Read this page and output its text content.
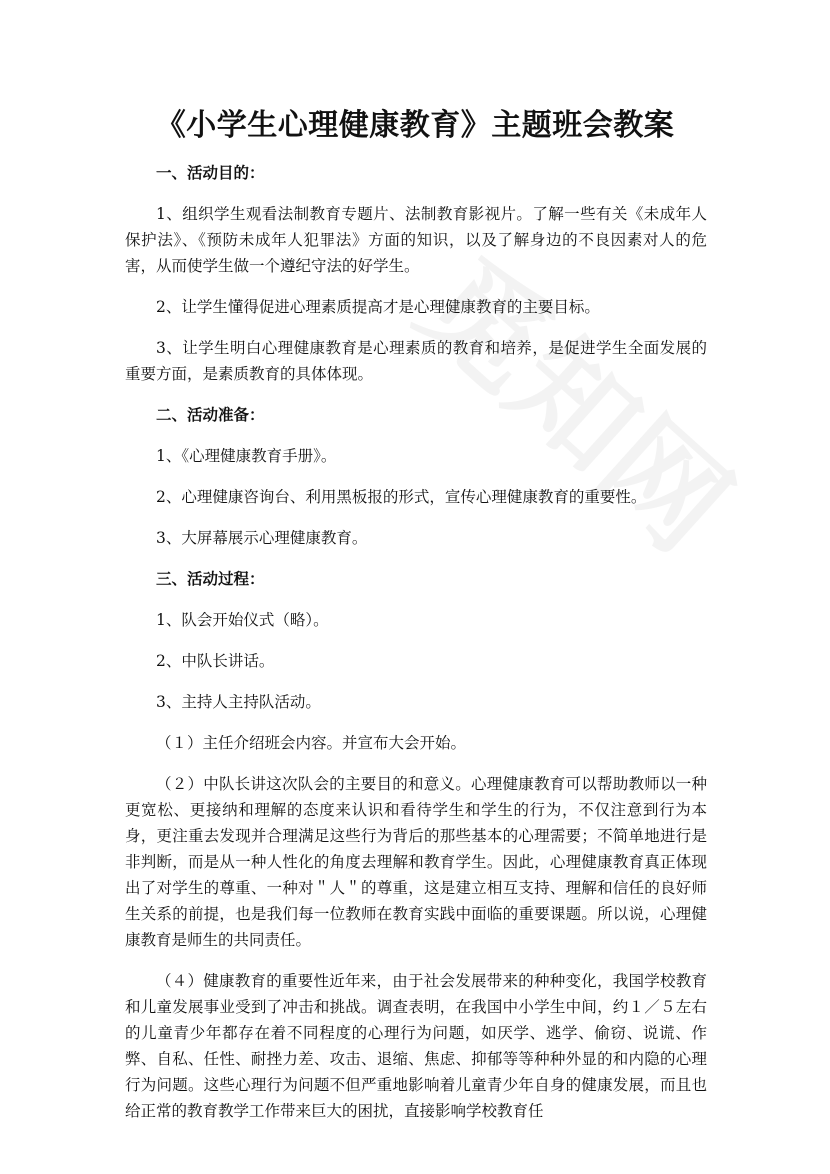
《小学生心理健康教育》主题班会教案

一、活动目的：

1、组织学生观看法制教育专题片、法制教育影视片。了解一些有关《未成年人保护法》、《预防未成年人犯罪法》方面的知识，以及了解身边的不良因素对人的危害，从而使学生做一个遵纪守法的好学生。

2、让学生懂得促进心理素质提高才是心理健康教育的主要目标。

3、让学生明白心理健康教育是心理素质的教育和培养，是促进学生全面发展的重要方面，是素质教育的具体体现。

二、活动准备：

1、《心理健康教育手册》。

2、心理健康咨询台、利用黑板报的形式，宣传心理健康教育的重要性。

3、大屏幕展示心理健康教育。

三、活动过程：

1、队会开始仪式（略）。

2、中队长讲话。

3、主持人主持队活动。

（１）主任介绍班会内容。并宣布大会开始。

（２）中队长讲这次队会的主要目的和意义。心理健康教育可以帮助教师以一种更宽松、更接纳和理解的态度来认识和看待学生和学生的行为，不仅注意到行为本身，更注重去发现并合理满足这些行为背后的那些基本的心理需要；不简单地进行是非判断，而是从一种人性化的角度去理解和教育学生。因此，心理健康教育真正体现出了对学生的尊重、一种对＂人＂的尊重，这是建立相互支持、理解和信任的良好师生关系的前提，也是我们每一位教师在教育实践中面临的重要课题。所以说，心理健康教育是师生的共同责任。

（４）健康教育的重要性近年来，由于社会发展带来的种种变化，我国学校教育和儿童发展事业受到了冲击和挑战。调查表明，在我国中小学生中间，约１／５左右的儿童青少年都存在着不同程度的心理行为问题，如厌学、逃学、偷窃、说谎、作弊、自私、任性、耐挫力差、攻击、退缩、焦虑、抑郁等等种种外显的和内隐的心理行为问题。这些心理行为问题不但严重地影响着儿童青少年自身的健康发展，而且也给正常的教育教学工作带来巨大的困扰，直接影响学校教育任
